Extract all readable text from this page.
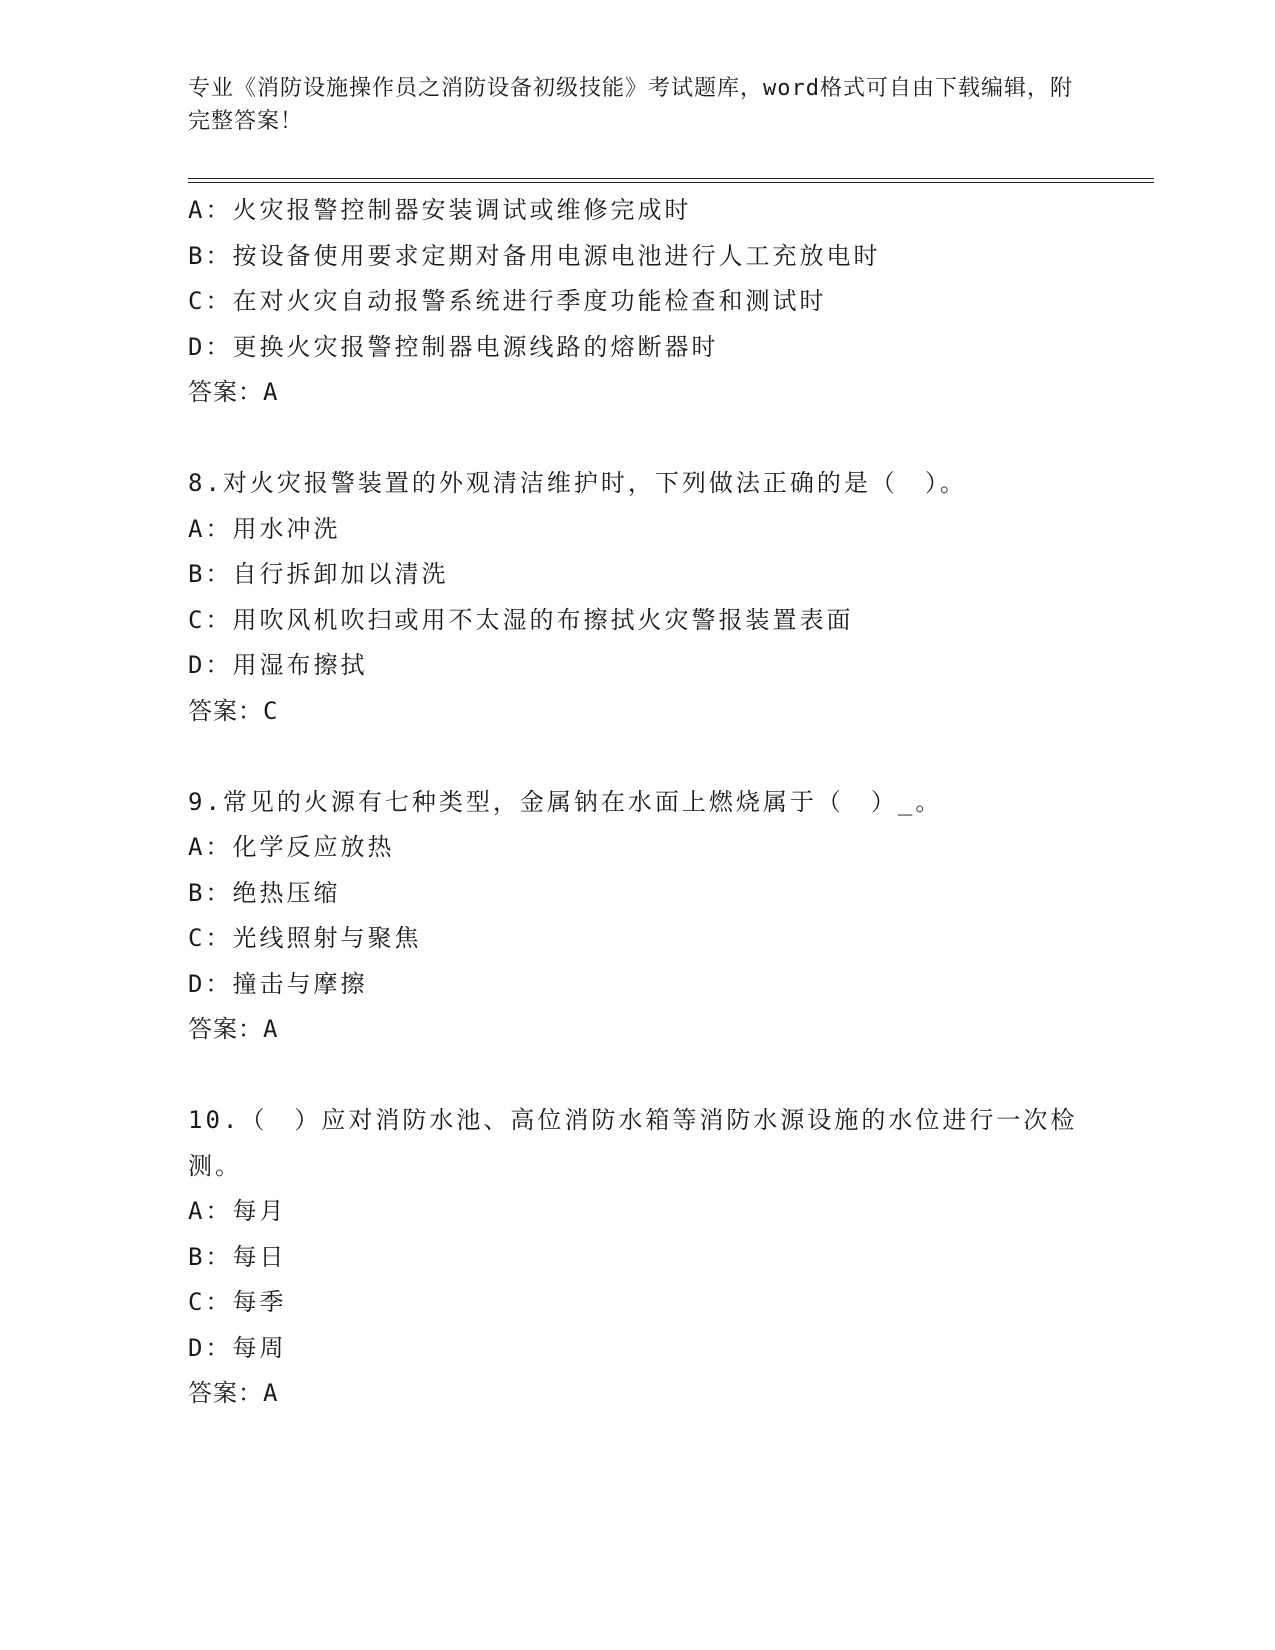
专业《消防设施操作员之消防设备初级技能》考试题库，word格式可自由下载编辑，附完整答案！
A：火灾报警控制器安装调试或维修完成时
B：按设备使用要求定期对备用电源电池进行人工充放电时
C：在对火灾自动报警系统进行季度功能检查和测试时
D：更换火灾报警控制器电源线路的熔断器时
答案：A
8.对火灾报警装置的外观清洁维护时，下列做法正确的是（　）。
A：用水冲洗
B：自行拆卸加以清洗
C：用吹风机吹扫或用不太湿的布擦拭火灾警报装置表面
D：用湿布擦拭
答案：C
9.常见的火源有七种类型，金属钠在水面上燃烧属于（　）_。
A：化学反应放热
B：绝热压缩
C：光线照射与聚焦
D：撞击与摩擦
答案：A
10.（　）应对消防水池、高位消防水箱等消防水源设施的水位进行一次检测。
A：每月
B：每日
C：每季
D：每周
答案：A
